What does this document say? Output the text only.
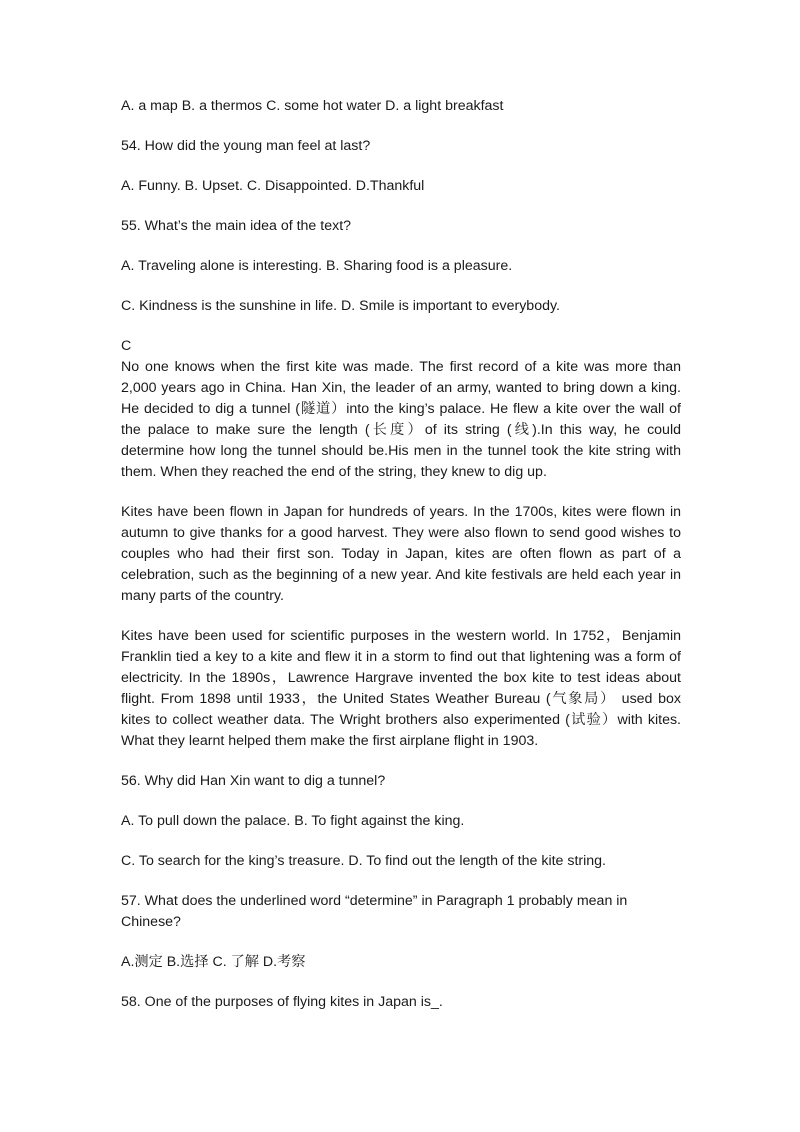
A. a map B. a thermos C. some hot water D. a light breakfast

54. How did the young man feel at last?

A. Funny. B. Upset. C. Disappointed. D.Thankful

55. What’s the main idea of the text?

A. Traveling alone is interesting. B. Sharing food is a pleasure.

C. Kindness is the sunshine in life. D. Smile is important to everybody.

C

No one knows when the first kite was made. The first record of a kite was more than 2,000 years ago in China. Han Xin, the leader of an army, wanted to bring down a king. He decided to dig a tunnel (隧道）into the king’s palace. He flew a kite over the wall of the palace to make sure the length (长度）of its string (线).In this way, he could determine how long the tunnel should be.His men in the tunnel took the kite string with them. When they reached the end of the string, they knew to dig up.

Kites have been flown in Japan for hundreds of years. In the 1700s, kites were flown in autumn to give thanks for a good harvest. They were also flown to send good wishes to couples who had their first son. Today in Japan, kites are often flown as part of a celebration, such as the beginning of a new year. And kite festivals are held each year in many parts of the country.

Kites have been used for scientific purposes in the western world. In 1752，Benjamin Franklin tied a key to a kite and flew it in a storm to find out that lightening was a form of electricity. In the 1890s，Lawrence Hargrave invented the box kite to test ideas about flight. From 1898 until 1933，the United States Weather Bureau (气象局） used box kites to collect weather data. The Wright brothers also experimented (试验）with kites. What they learnt helped them make the first airplane flight in 1903.

56. Why did Han Xin want to dig a tunnel?

A. To pull down the palace. B. To fight against the king.

C. To search for the king’s treasure. D. To find out the length of the kite string.

57. What does the underlined word “determine” in Paragraph 1 probably mean in Chinese?

A.测定 B.选择 C. 了解 D.考察

58. One of the purposes of flying kites in Japan is_.
